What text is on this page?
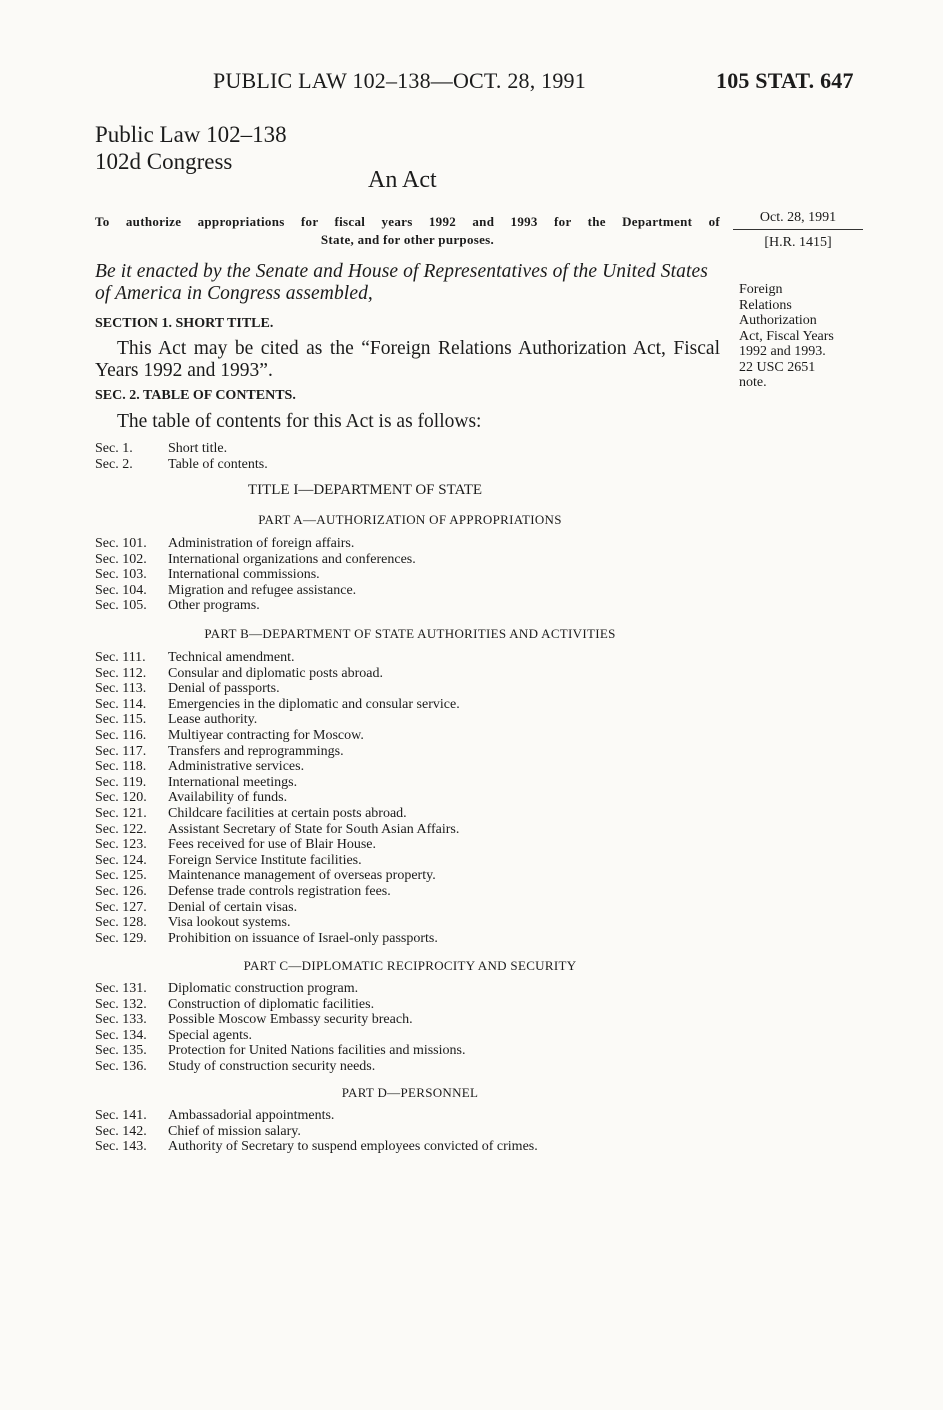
PUBLIC LAW 102–138—OCT. 28, 1991	105 STAT. 647
Public Law 102–138
102d Congress
An Act
To authorize appropriations for fiscal years 1992 and 1993 for the Department of
State, and for other purposes.
Oct. 28, 1991
[H.R. 1415]
Foreign
Relations
Authorization
Act, Fiscal Years
1992 and 1993.
22 USC 2651
note.
Be it enacted by the Senate and House of Representatives of the United States of America in Congress assembled,
SECTION 1. SHORT TITLE.
This Act may be cited as the “Foreign Relations Authorization Act, Fiscal Years 1992 and 1993”.
SEC. 2. TABLE OF CONTENTS.
The table of contents for this Act is as follows:
Sec. 1.	Short title.
Sec. 2.	Table of contents.
TITLE I—DEPARTMENT OF STATE
PART A—AUTHORIZATION OF APPROPRIATIONS
Sec. 101. Administration of foreign affairs.
Sec. 102. International organizations and conferences.
Sec. 103. International commissions.
Sec. 104. Migration and refugee assistance.
Sec. 105. Other programs.
PART B—DEPARTMENT OF STATE AUTHORITIES AND ACTIVITIES
Sec. 111. Technical amendment.
Sec. 112. Consular and diplomatic posts abroad.
Sec. 113. Denial of passports.
Sec. 114. Emergencies in the diplomatic and consular service.
Sec. 115. Lease authority.
Sec. 116. Multiyear contracting for Moscow.
Sec. 117. Transfers and reprogrammings.
Sec. 118. Administrative services.
Sec. 119. International meetings.
Sec. 120. Availability of funds.
Sec. 121. Childcare facilities at certain posts abroad.
Sec. 122. Assistant Secretary of State for South Asian Affairs.
Sec. 123. Fees received for use of Blair House.
Sec. 124. Foreign Service Institute facilities.
Sec. 125. Maintenance management of overseas property.
Sec. 126. Defense trade controls registration fees.
Sec. 127. Denial of certain visas.
Sec. 128. Visa lookout systems.
Sec. 129. Prohibition on issuance of Israel-only passports.
PART C—DIPLOMATIC RECIPROCITY AND SECURITY
Sec. 131. Diplomatic construction program.
Sec. 132. Construction of diplomatic facilities.
Sec. 133. Possible Moscow Embassy security breach.
Sec. 134. Special agents.
Sec. 135. Protection for United Nations facilities and missions.
Sec. 136. Study of construction security needs.
PART D—PERSONNEL
Sec. 141. Ambassadorial appointments.
Sec. 142. Chief of mission salary.
Sec. 143. Authority of Secretary to suspend employees convicted of crimes.
